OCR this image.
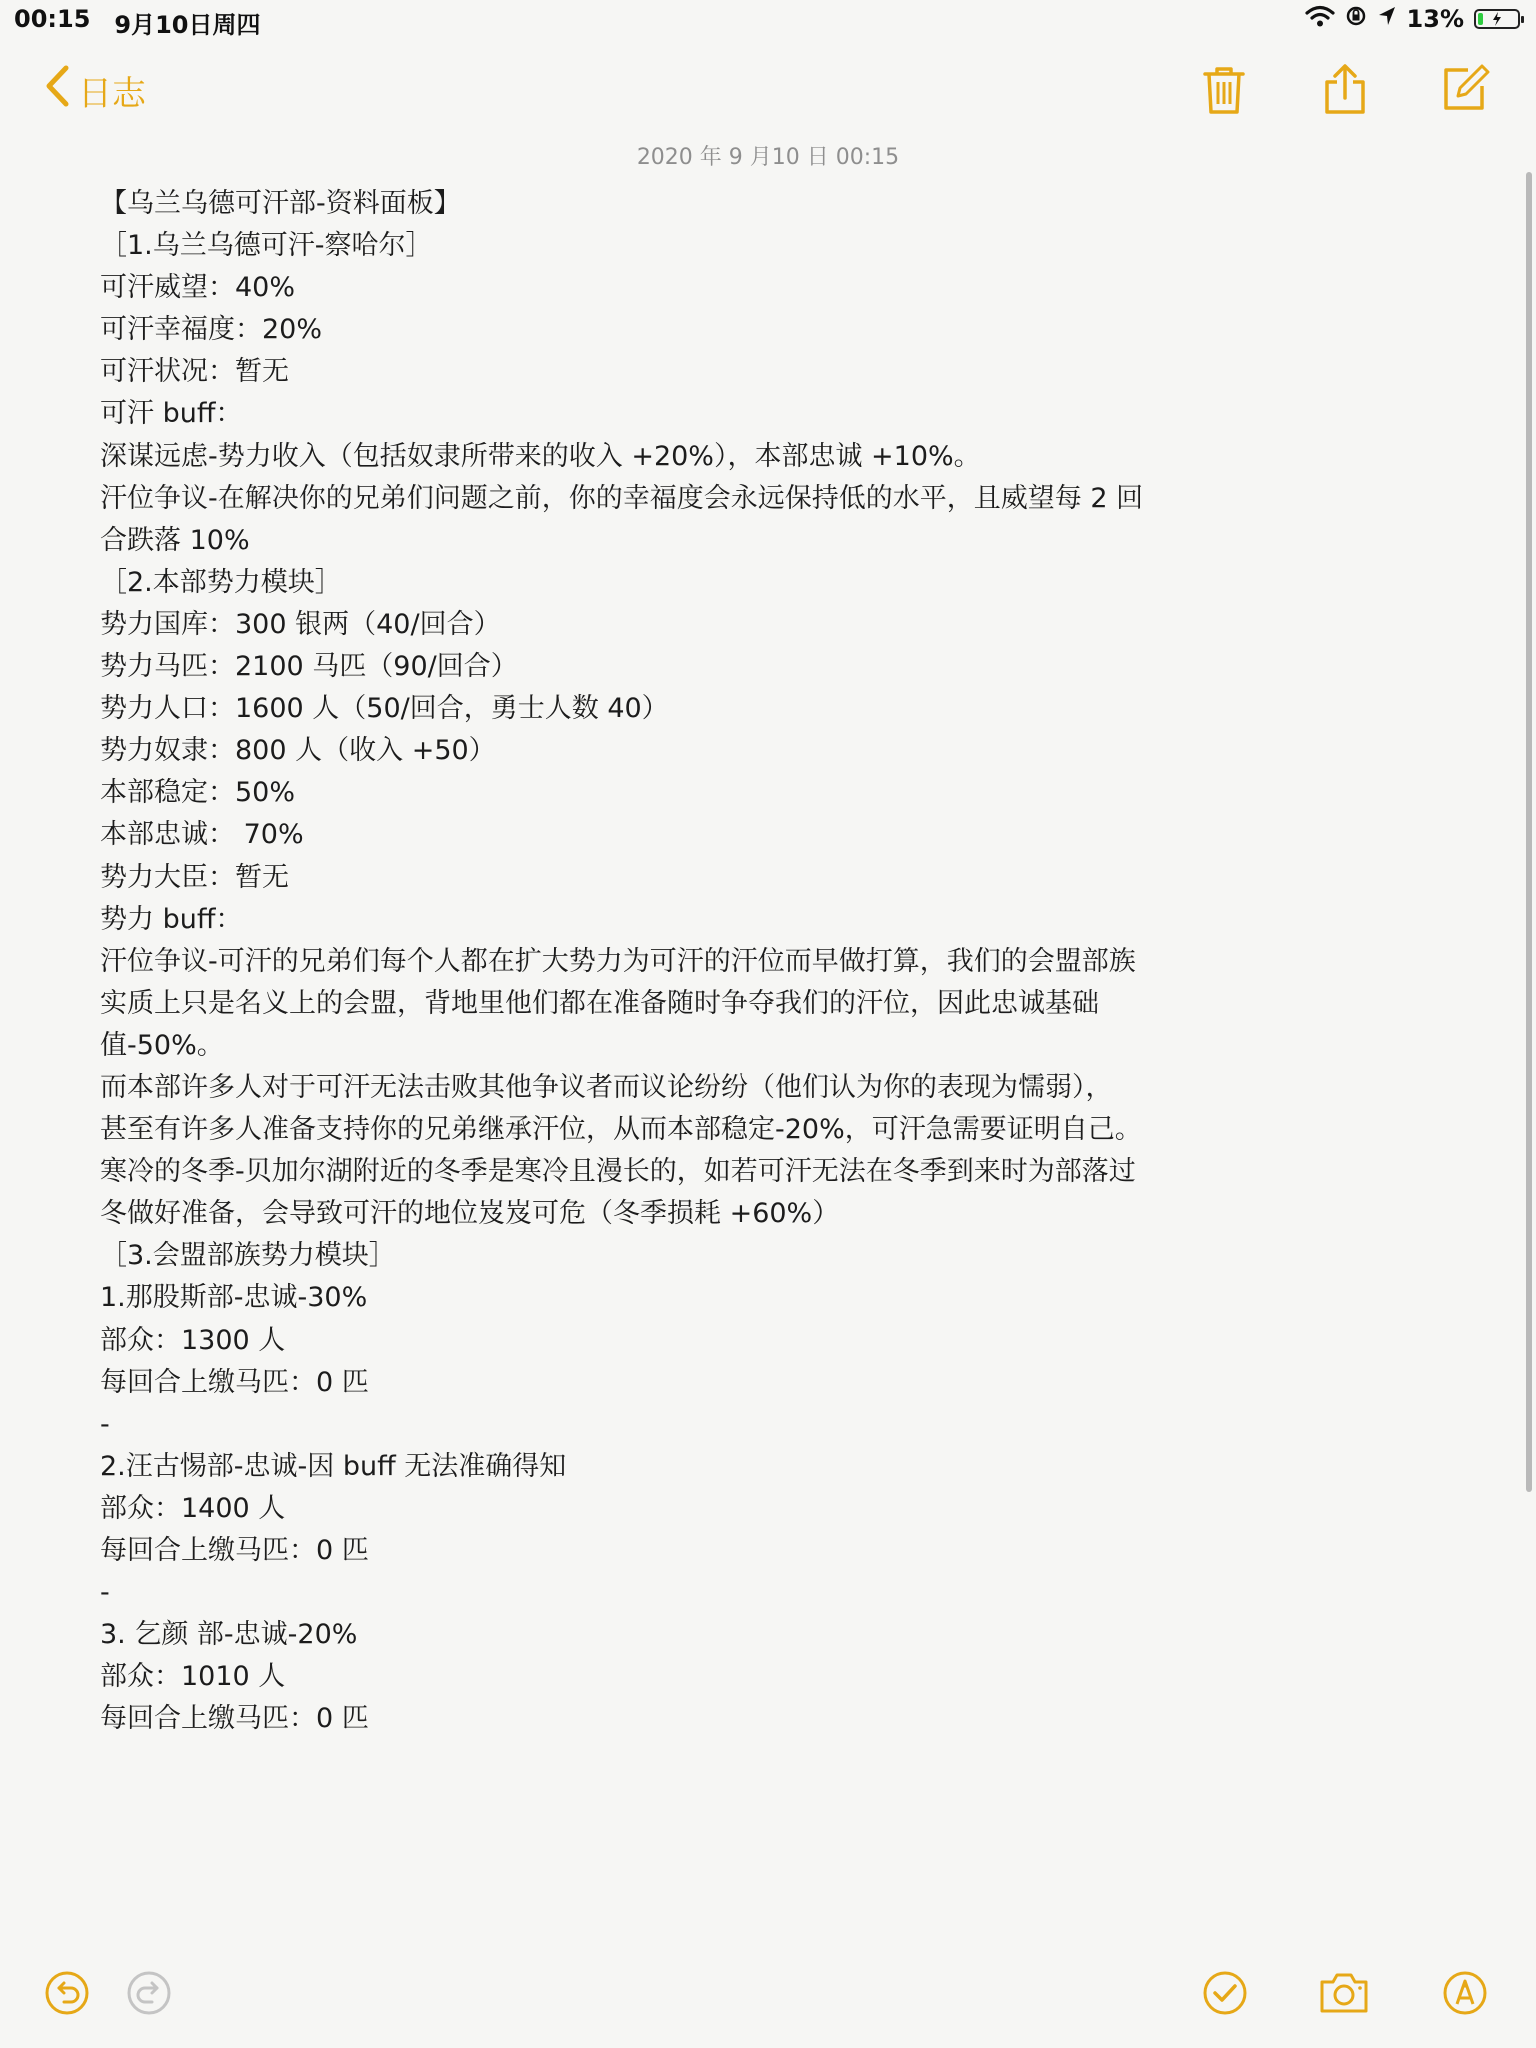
00:15 9月10日周四	13%
日志
2020 年 9 月10 日 00:15
【乌兰乌德可汗部-资料面板】
［1.乌兰乌德可汗-察哈尔］
可汗威望：40%
可汗幸福度：20%
可汗状况：暂无
可汗 buff：
深谋远虑-势力收入（包括奴隶所带来的收入 +20%），本部忠诚 +10%。
汗位争议-在解决你的兄弟们问题之前，你的幸福度会永远保持低的水平，且威望每 2 回
合跌落 10%
［2.本部势力模块］
势力国库：300 银两（40/回合）
势力马匹：2100 马匹（90/回合）
势力人口：1600 人（50/回合，勇士人数 40）
势力奴隶：800 人（收入 +50）
本部稳定：50%
本部忠诚： 70%
势力大臣：暂无
势力 buff：
汗位争议-可汗的兄弟们每个人都在扩大势力为可汗的汗位而早做打算，我们的会盟部族
实质上只是名义上的会盟，背地里他们都在准备随时争夺我们的汗位，因此忠诚基础
值-50%。
而本部许多人对于可汗无法击败其他争议者而议论纷纷（他们认为你的表现为懦弱），
甚至有许多人准备支持你的兄弟继承汗位，从而本部稳定-20%，可汗急需要证明自己。
寒冷的冬季-贝加尔湖附近的冬季是寒冷且漫长的，如若可汗无法在冬季到来时为部落过
冬做好准备，会导致可汗的地位岌岌可危（冬季损耗 +60%）
［3.会盟部族势力模块］
1.那股斯部-忠诚-30%
部众：1300 人
每回合上缴马匹：0 匹
-
2.汪古惕部-忠诚-因 buff 无法准确得知
部众：1400 人
每回合上缴马匹：0 匹
-
3. 乞颜 部-忠诚-20%
部众：1010 人
每回合上缴马匹：0 匹
